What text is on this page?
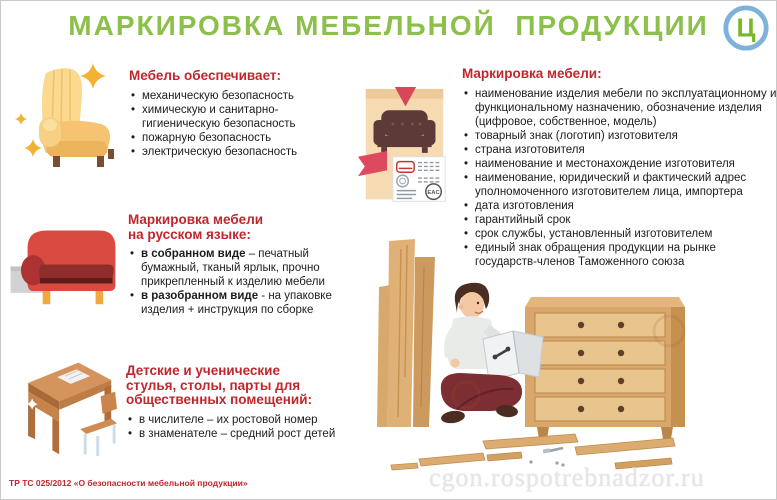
МАРКИРОВКА МЕБЕЛЬНОЙ  ПРОДУКЦИИ	Ц
Мебель обеспечивает:
• механическую безопасность
• химическую и санитарно-гигиеническую безопасность
• пожарную безопасность
• электрическую безопасность
Маркировка мебели на русском языке:
• в собранном виде – печатный бумажный, тканый ярлык, прочно прикрепленный к изделию мебели
• в разобранном виде - на упаковке изделия + инструкция по сборке
Детские и ученические стулья, столы, парты для общественных помещений:
• в числителе – их ростовой номер
• в знаменателе – средний рост детей
EAC
Маркировка мебели:
• наименование изделия мебели по эксплуатационному и функциональному назначению, обозначение изделия (цифровое, собственное, модель)
• товарный знак (логотип) изготовителя
• страна изготовителя
• наименование и местонахождение изготовителя
• наименование, юридический и фактический адрес уполномоченного изготовителем лица, импортера
• дата изготовления
• гарантийный срок
• срок службы, установленный изготовителем
• единый знак обращения продукции на рынке государств-членов Таможенного союза
ТР ТС 025/2012 «О безопасности мебельной продукции»	cgon.rospotrebnadzor.ru
